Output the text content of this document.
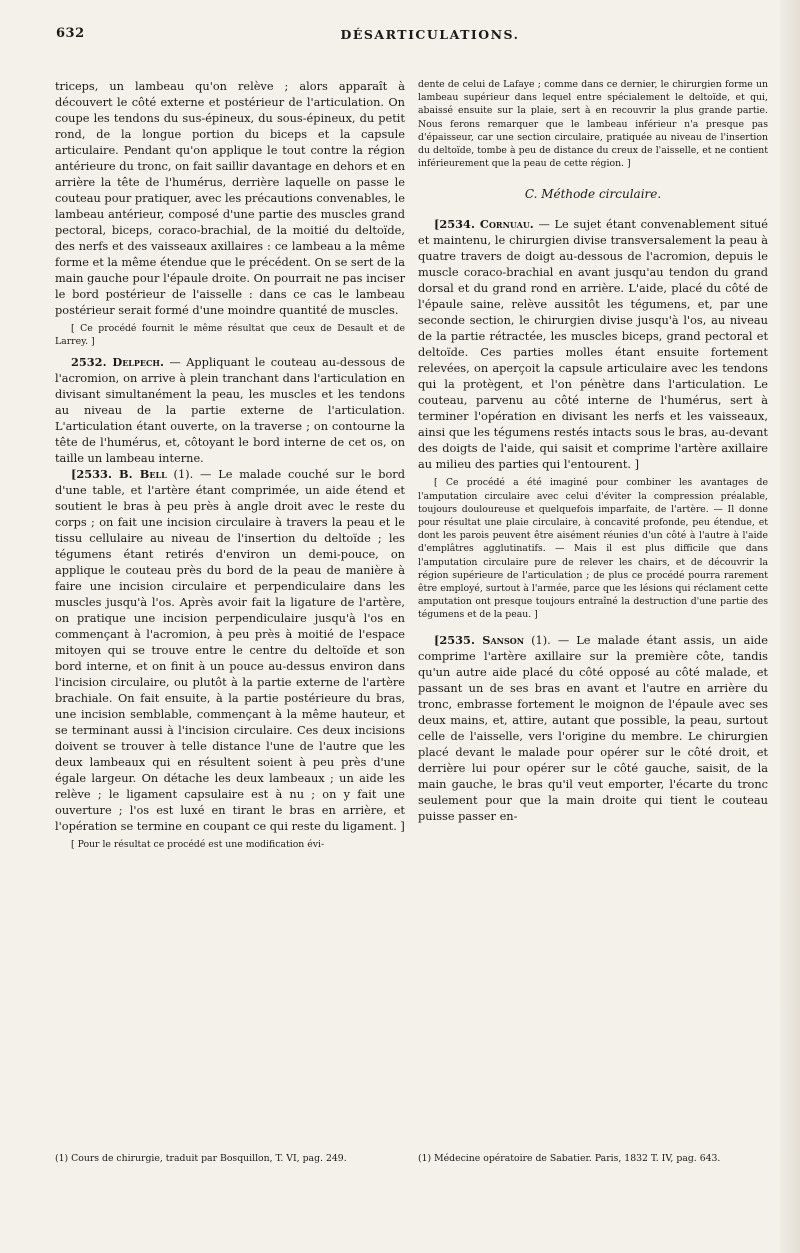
632	DÉSARTICULATIONS.

triceps, un lambeau qu'on relève ; alors apparaît à découvert le côté externe et postérieur de l'articulation. On coupe les tendons du sus-épineux, du sous-épineux, du petit rond, de la longue portion du biceps et la capsule articulaire. Pendant qu'on applique le tout contre la région antérieure du tronc, on fait saillir davantage en dehors et en arrière la tête de l'humérus, derrière laquelle on passe le couteau pour pratiquer, avec les précautions convenables, le lambeau antérieur, composé d'une partie des muscles grand pectoral, biceps, coraco-brachial, de la moitié du deltoïde, des nerfs et des vaisseaux axillaires : ce lambeau a la même forme et la même étendue que le précédent. On se sert de la main gauche pour l'épaule droite. On pourrait ne pas inciser le bord postérieur de l'aisselle : dans ce cas le lambeau postérieur serait formé d'une moindre quantité de muscles.

[ Ce procédé fournit le même résultat que ceux de Desault et de Larrey. ]

2532. Delpech. — Appliquant le couteau au-dessous de l'acromion, on arrive à plein tranchant dans l'articulation en divisant simultanément la peau, les muscles et les tendons au niveau de la partie externe de l'articulation. L'articulation étant ouverte, on la traverse ; on contourne la tête de l'humérus, et, côtoyant le bord interne de cet os, on taille un lambeau interne.

[2533. B. Bell (1). — Le malade couché sur le bord d'une table, et l'artère étant comprimée, un aide étend et soutient le bras à peu près à angle droit avec le reste du corps ; on fait une incision circulaire à travers la peau et le tissu cellulaire au niveau de l'insertion du deltoïde ; les tégumens étant retirés d'environ un demi-pouce, on applique le couteau près du bord de la peau de manière à faire une incision circulaire et perpendiculaire dans les muscles jusqu'à l'os. Après avoir fait la ligature de l'artère, on pratique une incision perpendiculaire jusqu'à l'os en commençant à l'acromion, à peu près à moitié de l'espace mitoyen qui se trouve entre le centre du deltoïde et son bord interne, et on finit à un pouce au-dessus environ dans l'incision circulaire, ou plutôt à la partie externe de l'artère brachiale. On fait ensuite, à la partie postérieure du bras, une incision semblable, commençant à la même hauteur, et se terminant aussi à l'incision circulaire. Ces deux incisions doivent se trouver à telle distance l'une de l'autre que les deux lambeaux qui en résultent soient à peu près d'une égale largeur. On détache les deux lambeaux ; un aide les relève ; le ligament capsulaire est à nu ; on y fait une ouverture ; l'os est luxé en tirant le bras en arrière, et l'opération se termine en coupant ce qui reste du ligament. ]

[ Pour le résultat ce procédé est une modification évi-

dente de celui de Lafaye ; comme dans ce dernier, le chirurgien forme un lambeau supérieur dans lequel entre spécialement le deltoïde, et qui, abaissé ensuite sur la plaie, sert à en recouvrir la plus grande partie. Nous ferons remarquer que le lambeau inférieur n'a presque pas d'épaisseur, car une section circulaire, pratiquée au niveau de l'insertion du deltoïde, tombe à peu de distance du creux de l'aisselle, et ne contient inférieurement que la peau de cette région. ]

C. Méthode circulaire.

[2534. Cornuau. — Le sujet étant convenablement situé et maintenu, le chirurgien divise transversalement la peau à quatre travers de doigt au-dessous de l'acromion, depuis le muscle coraco-brachial en avant jusqu'au tendon du grand dorsal et du grand rond en arrière. L'aide, placé du côté de l'épaule saine, relève aussitôt les tégumens, et, par une seconde section, le chirurgien divise jusqu'à l'os, au niveau de la partie rétractée, les muscles biceps, grand pectoral et deltoïde. Ces parties molles étant ensuite fortement relevées, on aperçoit la capsule articulaire avec les tendons qui la protègent, et l'on pénètre dans l'articulation. Le couteau, parvenu au côté interne de l'humérus, sert à terminer l'opération en divisant les nerfs et les vaisseaux, ainsi que les tégumens restés intacts sous le bras, au-devant des doigts de l'aide, qui saisit et comprime l'artère axillaire au milieu des parties qui l'entourent. ]

[ Ce procédé a été imaginé pour combiner les avantages de l'amputation circulaire avec celui d'éviter la compression préalable, toujours douloureuse et quelquefois imparfaite, de l'artère. — Il donne pour résultat une plaie circulaire, à concavité profonde, peu étendue, et dont les parois peuvent être aisément réunies d'un côté à l'autre à l'aide d'emplâtres agglutinatifs. — Mais il est plus difficile que dans l'amputation circulaire pure de relever les chairs, et de découvrir la région supérieure de l'articulation ; de plus ce procédé pourra rarement être employé, surtout à l'armée, parce que les lésions qui réclament cette amputation ont presque toujours entraîné la destruction d'une partie des tégumens et de la peau. ]

[2535. Sanson (1). — Le malade étant assis, un aide comprime l'artère axillaire sur la première côte, tandis qu'un autre aide placé du côté opposé au côté malade, et passant un de ses bras en avant et l'autre en arrière du tronc, embrasse fortement le moignon de l'épaule avec ses deux mains, et, attire, autant que possible, la peau, surtout celle de l'aisselle, vers l'origine du membre. Le chirurgien placé devant le malade pour opérer sur le côté droit, et derrière lui pour opérer sur le côté gauche, saisit, de la main gauche, le bras qu'il veut emporter, l'écarte du tronc seulement pour que la main droite qui tient le couteau puisse passer en-

(1) Cours de chirurgie, traduit par Bosquillon, T. VI, pag. 249.	(1) Médecine opératoire de Sabatier. Paris, 1832 T. IV, pag. 643.
